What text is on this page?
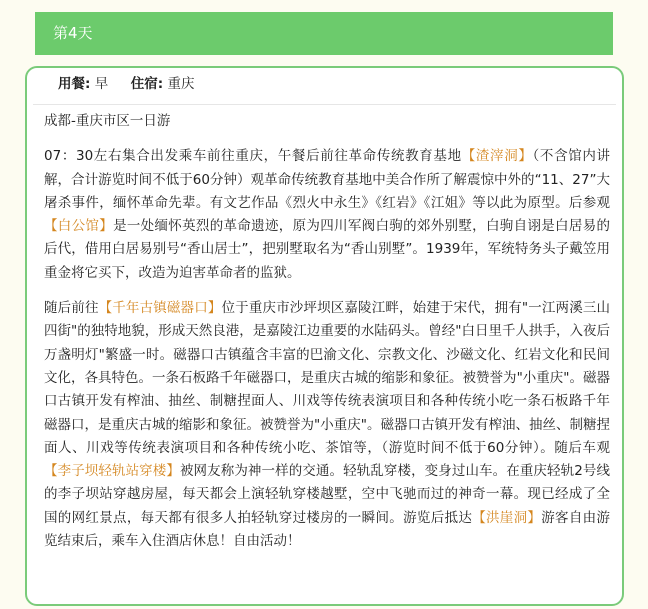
第4天
用餐: 早 住宿: 重庆
成都-重庆市区一日游

07：30左右集合出发乘车前往重庆，午餐后前往革命传统教育基地【渣滓洞】（不含馆内讲解，合计游览时间不低于60分钟）观革命传统教育基地中美合作所了解震惊中外的“11、27”大屠杀事件，缅怀革命先辈。有文艺作品《烈火中永生》《红岩》《江姐》等以此为原型。后参观【白公馆】是一处缅怀英烈的革命遗迹，原为四川军阀白驹的郊外别墅，白驹自诩是白居易的后代，借用白居易别号“香山居士”，把别墅取名为“香山别墅”。1939年，军统特务头子戴笠用重金将它买下，改造为迫害革命者的监狱。

随后前往【千年古镇磁器口】位于重庆市沙坪坝区嘉陵江畔，始建于宋代，拥有"一江两溪三山四街"的独特地貌，形成天然良港，是嘉陵江边重要的水陆码头。曾经"白日里千人拱手，入夜后万盏明灯"繁盛一时。磁器口古镇蕴含丰富的巴渝文化、宗教文化、沙磁文化、红岩文化和民间文化，各具特色。一条石板路千年磁器口，是重庆古城的缩影和象征。被赞誉为"小重庆"。磁器口古镇开发有榨油、抽丝、制糖捏面人、川戏等传统表演项目和各种传统小吃一条石板路千年磁器口，是重庆古城的缩影和象征。被赞誉为"小重庆"。磁器口古镇开发有榨油、抽丝、制糖捏面人、川戏等传统表演项目和各种传统小吃、茶馆等，（游览时间不低于60分钟）。随后车观【李子坝轻轨站穿楼】被网友称为神一样的交通。轻轨乱穿楼，变身过山车。在重庆轻轨2号线的李子坝站穿越房屋，每天都会上演轻轨穿楼越墅，空中飞驰而过的神奇一幕。现已经成了全国的网红景点，每天都有很多人拍轻轨穿过楼房的一瞬间。游览后抵达【洪崖洞】游客自由游览结束后，乘车入住酒店休息！自由活动！
